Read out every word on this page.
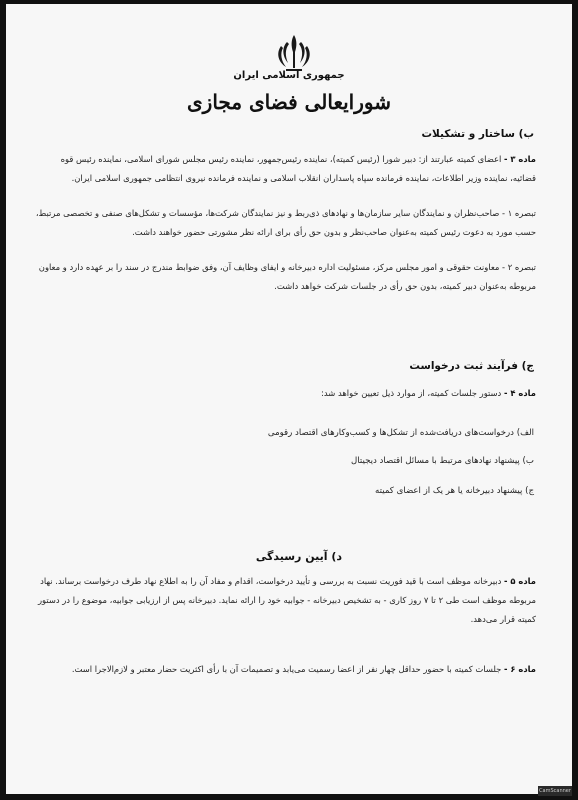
جمهوری اسلامی ایران
شورایعالی فضای مجازی
ب) ساختار و تشکیلات
ماده ۳ - اعضای کمیته عبارتند از: دبیر شورا (رئیس کمیته)، نماینده رئیس‌جمهور، نماینده رئیس مجلس شورای اسلامی، نماینده رئیس قوه قضائیه، نماینده وزیر اطلاعات، نماینده فرمانده سپاه پاسداران انقلاب اسلامی و نماینده فرمانده نیروی انتظامی جمهوری اسلامی ایران.
تبصره ۱ - صاحب‌نظران و نمایندگان سایر سازمان‌ها و نهادهای ذی‌ربط و نیز نمایندگان شرکت‌ها، مؤسسات و تشکل‌های صنفی و تخصصی مرتبط، حسب مورد به دعوت رئیس کمیته به‌عنوان صاحب‌نظر و بدون حق رأی برای ارائه نظر مشورتی حضور خواهند داشت.
تبصره ۲ - معاونت حقوقی و امور مجلس مرکز، مسئولیت اداره دبیرخانه و ایفای وظایف آن، وفق ضوابط مندرج در سند را بر عهده دارد و معاون مربوطه به‌عنوان دبیر کمیته، بدون حق رأی در جلسات شرکت خواهد داشت.
ج) فرآیند ثبت درخواست
ماده ۴ - دستور جلسات کمیته، از موارد ذیل تعیین خواهد شد:
الف) درخواست‌های دریافت‌شده از تشکل‌ها و کسب‌وکارهای اقتصاد رقومی
ب) پیشنهاد نهادهای مرتبط با مسائل اقتصاد دیجیتال
ج) پیشنهاد دبیرخانه یا هر یک از اعضای کمیته
د) آیین رسیدگی
ماده ۵ - دبیرخانه موظف است با قید فوریت نسبت به بررسی و تأیید درخواست، اقدام و مفاد آن را به اطلاع نهاد طرف درخواست برساند. نهاد مربوطه موظف است طی ۲ تا ۷ روز کاری - به تشخیص دبیرخانه - جوابیه خود را ارائه نماید. دبیرخانه پس از ارزیابی جوابیه، موضوع را در دستور کمیته قرار می‌دهد.
ماده ۶ - جلسات کمیته با حضور حداقل چهار نفر از اعضا رسمیت می‌یابد و تصمیمات آن با رأی اکثریت حضار معتبر و لازم‌الاجرا است.
CamScanner
